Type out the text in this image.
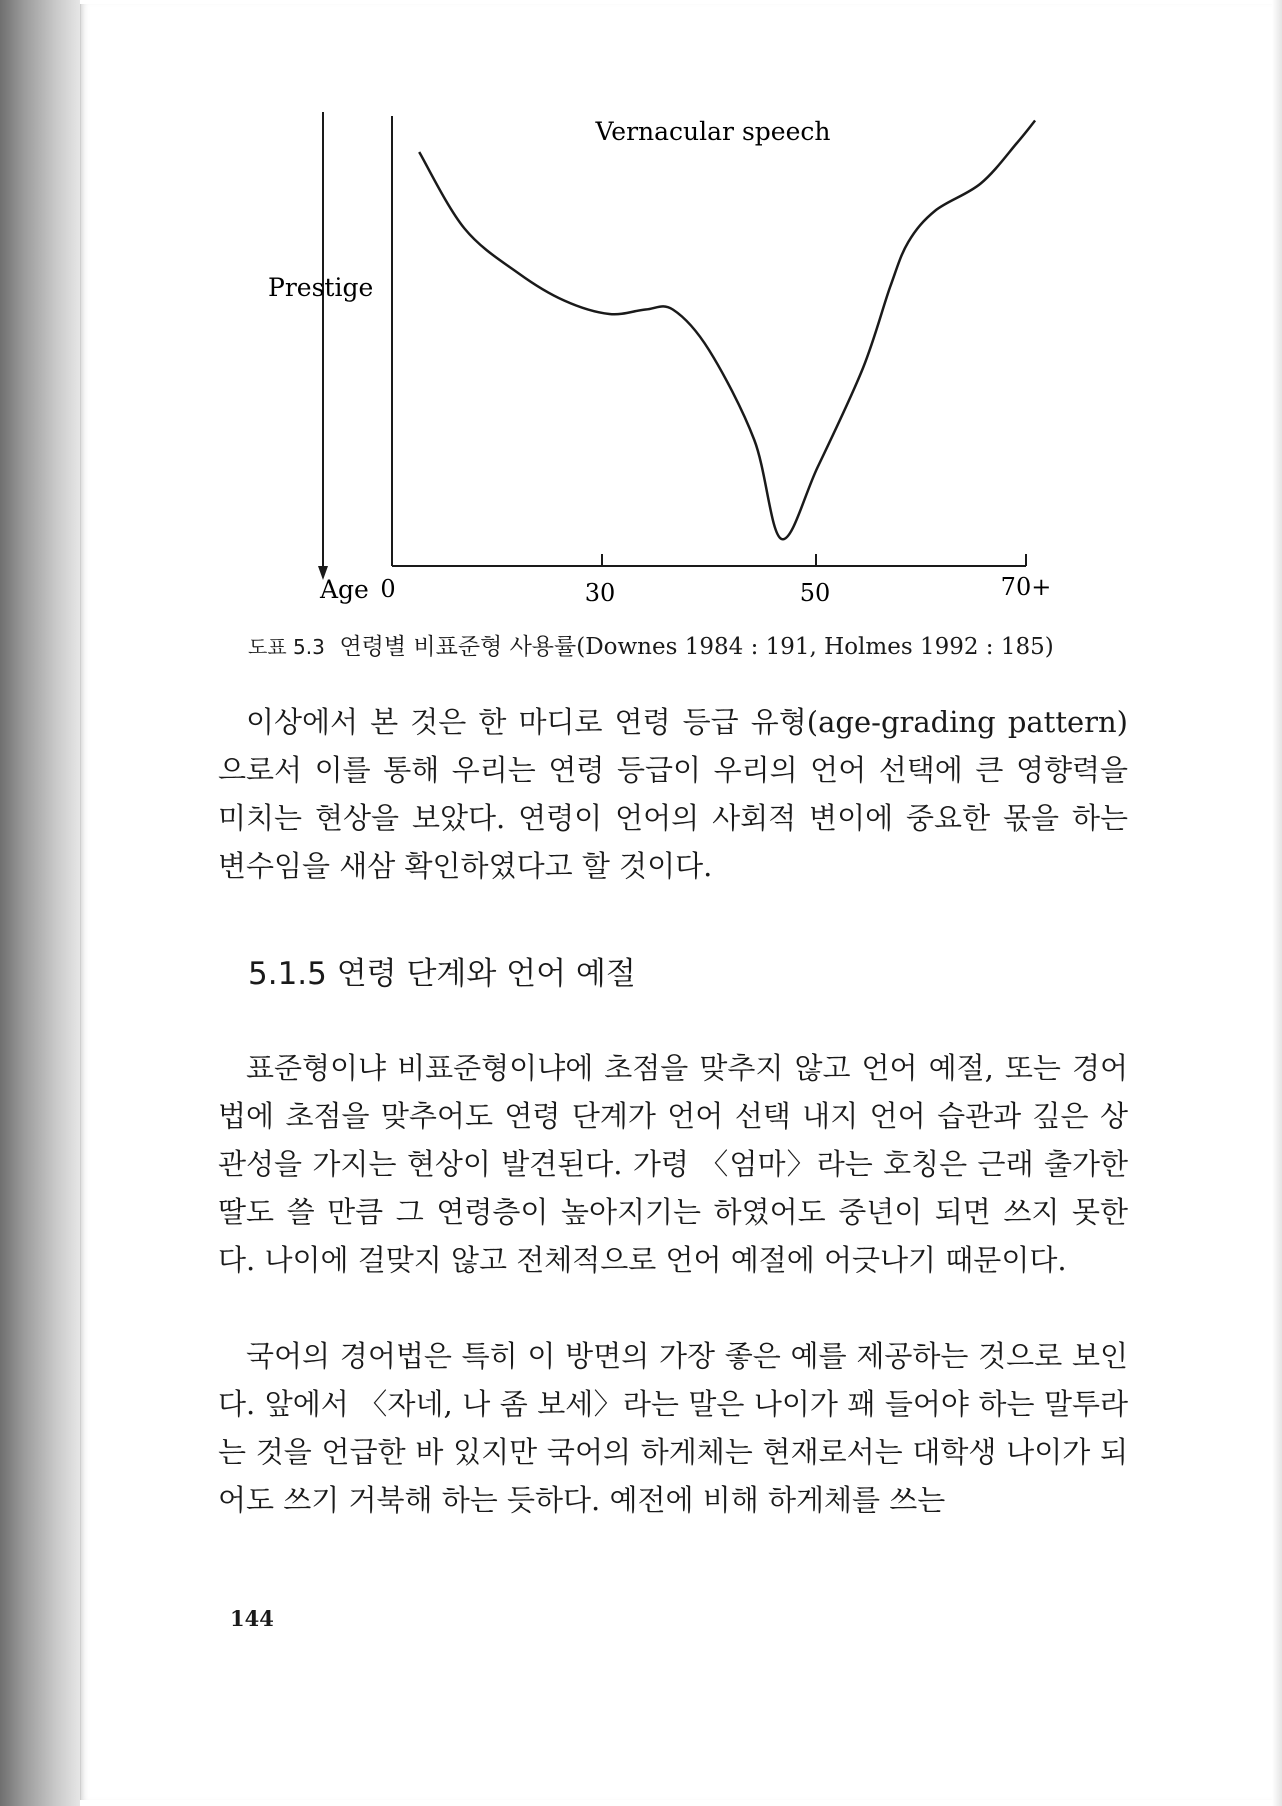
Vernacular speech
Prestige
Age 0	30	50	70+
도표 5.3 연령별 비표준형 사용률(Downes 1984 : 191, Holmes 1992 : 185)
이상에서 본 것은 한 마디로 연령 등급 유형(age-grading pattern)으로서 이를 통해 우리는 연령 등급이 우리의 언어 선택에 큰 영향력을 미치는 현상을 보았다. 연령이 언어의 사회적 변이에 중요한 몫을 하는 변수임을 새삼 확인하였다고 할 것이다.
5.1.5 연령 단계와 언어 예절
표준형이냐 비표준형이냐에 초점을 맞추지 않고 언어 예절, 또는 경어법에 초점을 맞추어도 연령 단계가 언어 선택 내지 언어 습관과 깊은 상관성을 가지는 현상이 발견된다. 가령 〈엄마〉라는 호칭은 근래 출가한 딸도 쓸 만큼 그 연령층이 높아지기는 하였어도 중년이 되면 쓰지 못한다. 나이에 걸맞지 않고 전체적으로 언어 예절에 어긋나기 때문이다.
국어의 경어법은 특히 이 방면의 가장 좋은 예를 제공하는 것으로 보인다. 앞에서 〈자네, 나 좀 보세〉라는 말은 나이가 꽤 들어야 하는 말투라는 것을 언급한 바 있지만 국어의 하게체는 현재로서는 대학생 나이가 되어도 쓰기 거북해 하는 듯하다. 예전에 비해 하게체를 쓰는
144
